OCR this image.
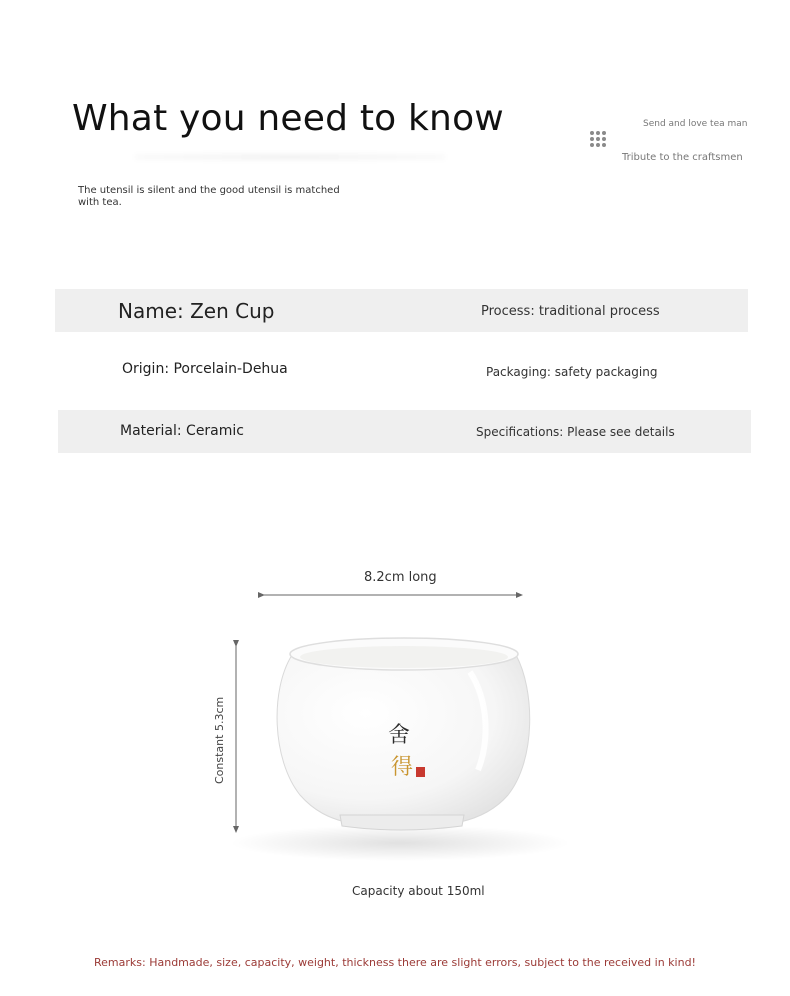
What you need to know	Send and love tea man
Tribute to the craftsmen
The utensil is silent and the good utensil is matched with tea.
Name: Zen Cup	Process: traditional process
Origin: Porcelain-Dehua	Packaging: safety packaging
Material: Ceramic	Specifications: Please see details
8.2cm long
舍
得
Constant 5.3cm
Capacity about 150ml
Remarks: Handmade, size, capacity, weight, thickness there are slight errors, subject to the received in kind!
